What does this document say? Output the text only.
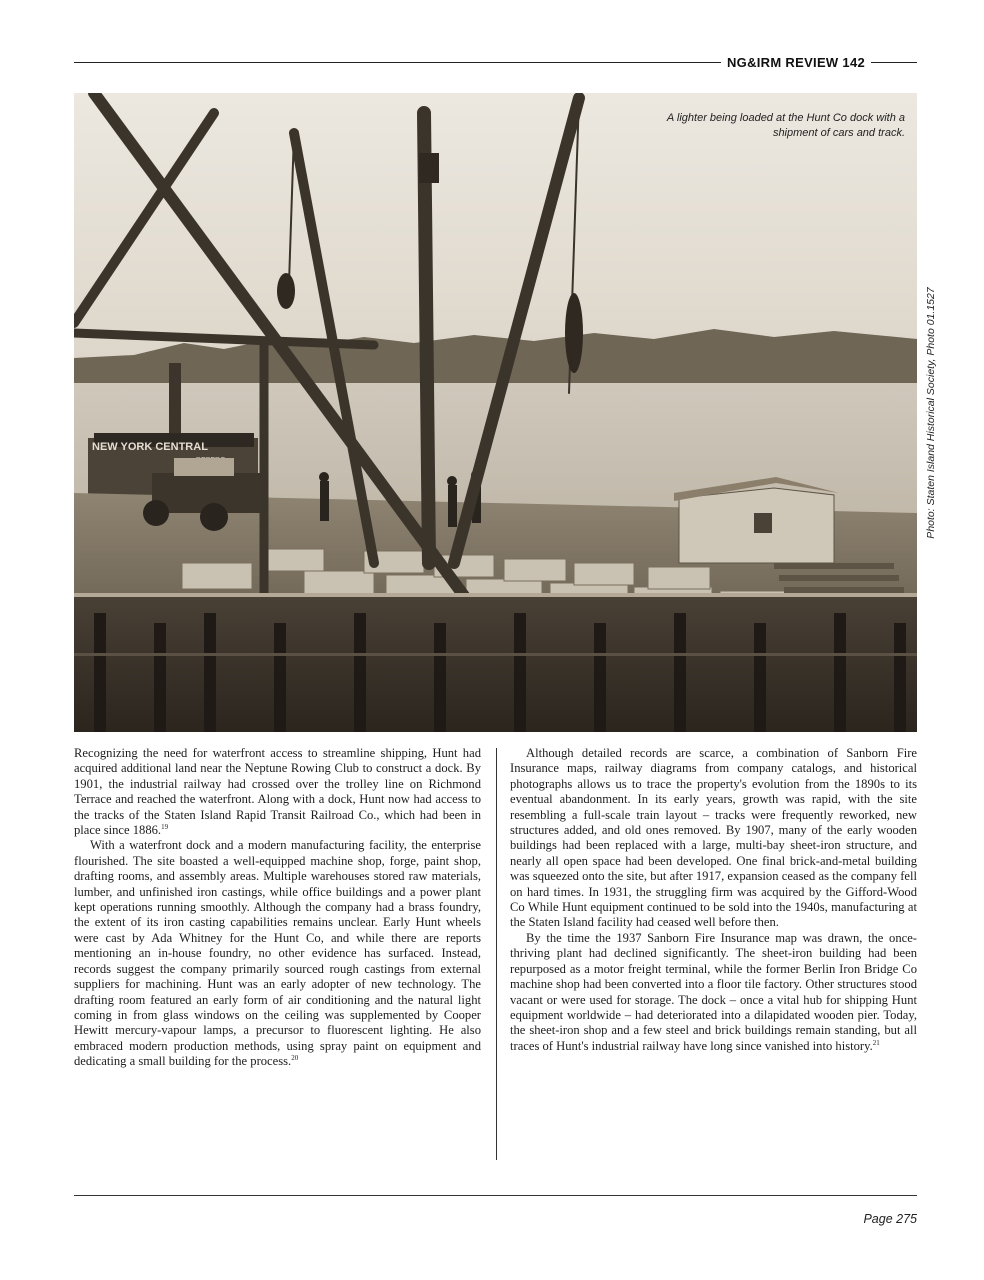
NG&IRM REVIEW 142
NEW YORK CENTRAL
A lighter being loaded at the Hunt Co dock with a shipment of cars and track.
Photo: Staten Island Historical Society, Photo 01.1527

Recognizing the need for waterfront access to streamline shipping, Hunt had acquired additional land near the Neptune Rowing Club to construct a dock. By 1901, the industrial railway had crossed over the trolley line on Richmond Terrace and reached the waterfront. Along with a dock, Hunt now had access to the tracks of the Staten Island Rapid Transit Railroad Co., which had been in place since 1886.19

With a waterfront dock and a modern manufacturing facility, the enterprise flourished. The site boasted a well-equipped machine shop, forge, paint shop, drafting rooms, and assembly areas. Multiple warehouses stored raw materials, lumber, and unfinished iron castings, while office buildings and a power plant kept operations running smoothly. Although the company had a brass foundry, the extent of its iron casting capabilities remains unclear. Early Hunt wheels were cast by Ada Whitney for the Hunt Co, and while there are reports mentioning an in-house foundry, no other evidence has surfaced. Instead, records suggest the company primarily sourced rough castings from external suppliers for machining. Hunt was an early adopter of new technology. The drafting room featured an early form of air conditioning and the natural light coming in from glass windows on the ceiling was supplemented by Cooper Hewitt mercury-vapour lamps, a precursor to fluorescent lighting. He also embraced modern production methods, using spray paint on equipment and dedicating a small building for the process.$^{20}$

Although detailed records are scarce, a combination of Sanborn Fire Insurance maps, railway diagrams from company catalogs, and historical photographs allows us to trace the property's evolution from the 1890s to its eventual abandonment. In its early years, growth was rapid, with the site resembling a full-scale train layout – tracks were frequently reworked, new structures added, and old ones removed. By 1907, many of the early wooden buildings had been replaced with a large, multi-bay sheet-iron structure, and nearly all open space had been developed. One final brick-and-metal building was squeezed onto the site, but after 1917, expansion ceased as the company fell on hard times. In 1931, the struggling firm was acquired by the Gifford-Wood Co While Hunt equipment continued to be sold into the 1940s, manufacturing at the Staten Island facility had ceased well before then.

By the time the 1937 Sanborn Fire Insurance map was drawn, the once-thriving plant had declined significantly. The sheet-iron building had been repurposed as a motor freight terminal, while the former Berlin Iron Bridge Co machine shop had been converted into a floor tile factory. Other structures stood vacant or were used for storage. The dock – once a vital hub for shipping Hunt equipment worldwide – had deteriorated into a dilapidated wooden pier. Today, the sheet-iron shop and a few steel and brick buildings remain standing, but all traces of Hunt's industrial railway have long since vanished into history.$^{21}$

Page 275
